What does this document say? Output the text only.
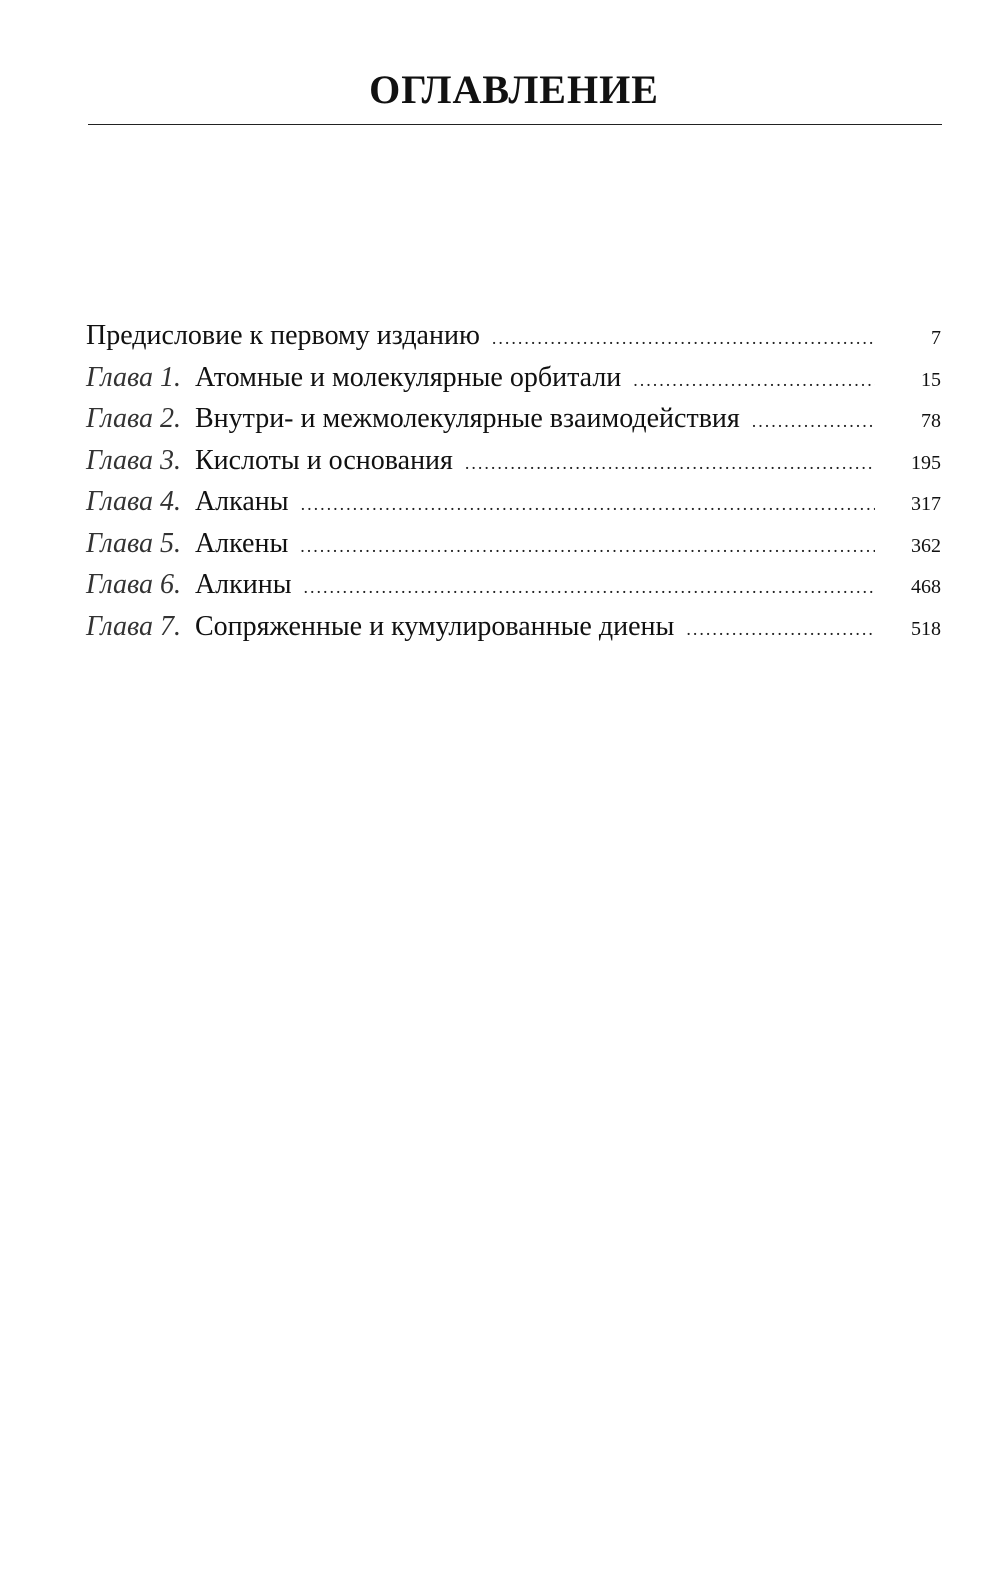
ОГЛАВЛЕНИЕ
Предисловие к первому изданию .....	7
Глава 1. Атомные и молекулярные орбитали .....	15
Глава 2. Внутри- и межмолекулярные взаимодействия .....	78
Глава 3. Кислоты и основания .....	195
Глава 4. Алканы .....	317
Глава 5. Алкены .....	362
Глава 6. Алкины .....	468
Глава 7. Сопряженные и кумулированные диены .....	518
